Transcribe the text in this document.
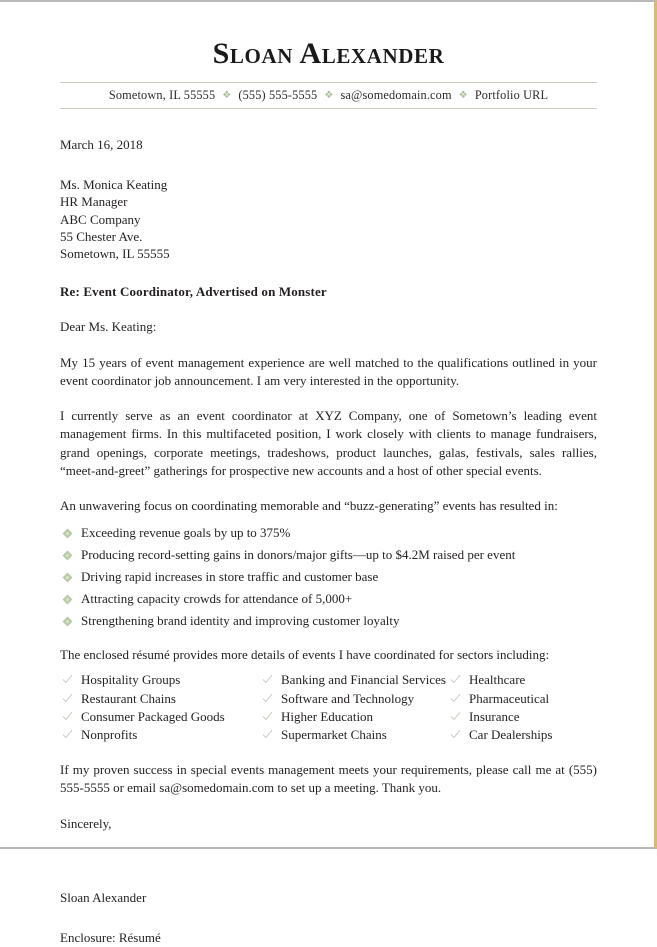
Sloan Alexander
Sometown, IL 55555 ❖ (555) 555-5555 ❖ sa@somedomain.com ❖ Portfolio URL
March 16, 2018
Ms. Monica Keating
HR Manager
ABC Company
55 Chester Ave.
Sometown, IL 55555
Re: Event Coordinator, Advertised on Monster
Dear Ms. Keating:

My 15 years of event management experience are well matched to the qualifications outlined in your event coordinator job announcement. I am very interested in the opportunity.

I currently serve as an event coordinator at XYZ Company, one of Sometown’s leading event management firms. In this multifaceted position, I work closely with clients to manage fundraisers, grand openings, corporate meetings, tradeshows, product launches, galas, festivals, sales rallies, “meet-and-greet” gatherings for prospective new accounts and a host of other special events.

An unwavering focus on coordinating memorable and “buzz-generating” events has resulted in:

Exceeding revenue goals by up to 375%
Producing record-setting gains in donors/major gifts—up to $4.2M raised per event
Driving rapid increases in store traffic and customer base
Attracting capacity crowds for attendance of 5,000+
Strengthening brand identity and improving customer loyalty

The enclosed résumé provides more details of events I have coordinated for sectors including:

Hospitality Groups
Restaurant Chains
Consumer Packaged Goods
Nonprofits
Banking and Financial Services
Software and Technology
Higher Education
Supermarket Chains
Healthcare
Pharmaceutical
Insurance
Car Dealerships

If my proven success in special events management meets your requirements, please call me at (555) 555-5555 or email sa@somedomain.com to set up a meeting. Thank you.

Sincerely,

Sloan Alexander

Enclosure: Résumé
